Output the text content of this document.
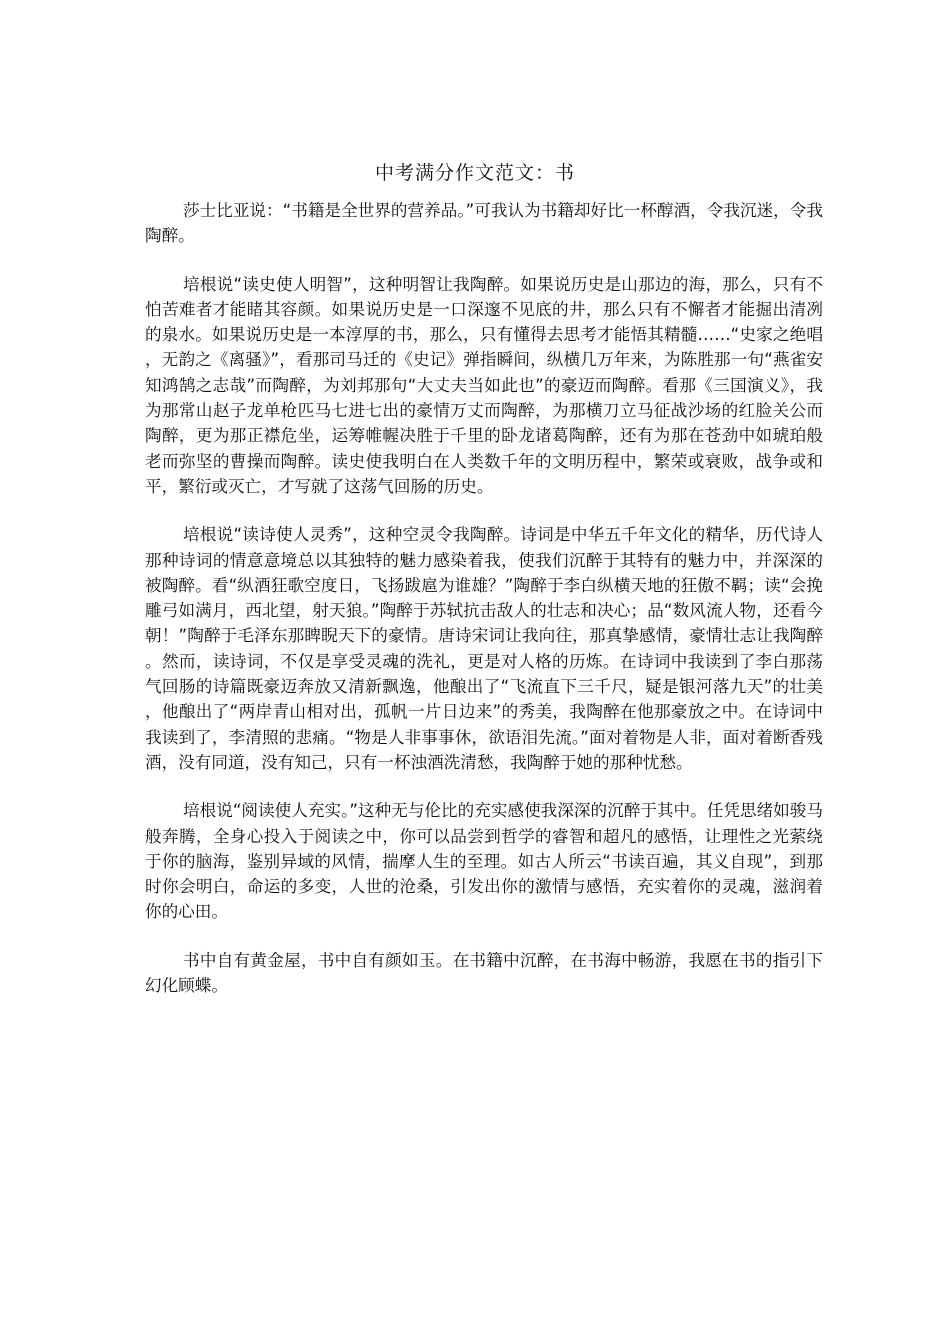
中考满分作文范文：书

莎士比亚说：“书籍是全世界的营养品。”可我认为书籍却好比一杯醇酒，令我沉迷，令我陶醉。

培根说“读史使人明智”，这种明智让我陶醉。如果说历史是山那边的海，那么，只有不怕苦难者才能睹其容颜。如果说历史是一口深邃不见底的井，那么只有不懈者才能掘出清冽的泉水。如果说历史是一本淳厚的书，那么，只有懂得去思考才能悟其精髓……“史家之绝唱，无韵之《离骚》”，看那司马迁的《史记》弹指瞬间，纵横几万年来，为陈胜那一句“燕雀安知鸿鹄之志哉”而陶醉，为刘邦那句“大丈夫当如此也”的豪迈而陶醉。看那《三国演义》，我为那常山赵子龙单枪匹马七进七出的豪情万丈而陶醉，为那横刀立马征战沙场的红脸关公而陶醉，更为那正襟危坐，运筹帷幄决胜于千里的卧龙诸葛陶醉，还有为那在苍劲中如琥珀般老而弥坚的曹操而陶醉。读史使我明白在人类数千年的文明历程中，繁荣或衰败，战争或和平，繁衍或灭亡，才写就了这荡气回肠的历史。

培根说“读诗使人灵秀”，这种空灵令我陶醉。诗词是中华五千年文化的精华，历代诗人那种诗词的情意意境总以其独特的魅力感染着我，使我们沉醉于其特有的魅力中，并深深的被陶醉。看“纵酒狂歌空度日，飞扬跋扈为谁雄？”陶醉于李白纵横天地的狂傲不羁；读“会挽雕弓如满月，西北望，射天狼。”陶醉于苏轼抗击敌人的壮志和决心；品“数风流人物，还看今朝！”陶醉于毛泽东那睥睨天下的豪情。唐诗宋词让我向往，那真挚感情，豪情壮志让我陶醉。然而，读诗词，不仅是享受灵魂的洗礼，更是对人格的历炼。在诗词中我读到了李白那荡气回肠的诗篇既豪迈奔放又清新飘逸，他酿出了“飞流直下三千尺，疑是银河落九天”的壮美，他酿出了“两岸青山相对出，孤帆一片日边来”的秀美，我陶醉在他那豪放之中。在诗词中我读到了，李清照的悲痛。“物是人非事事休，欲语泪先流。”面对着物是人非，面对着断香残酒，没有同道，没有知己，只有一杯浊酒洗清愁，我陶醉于她的那种忧愁。

培根说“阅读使人充实。”这种无与伦比的充实感使我深深的沉醉于其中。任凭思绪如骏马般奔腾，全身心投入于阅读之中，你可以品尝到哲学的睿智和超凡的感悟，让理性之光萦绕于你的脑海，鉴别异域的风情，揣摩人生的至理。如古人所云“书读百遍，其义自现”，到那时你会明白，命运的多变，人世的沧桑，引发出你的激情与感悟，充实着你的灵魂，滋润着你的心田。

书中自有黄金屋，书中自有颜如玉。在书籍中沉醉，在书海中畅游，我愿在书的指引下幻化顾蝶。
